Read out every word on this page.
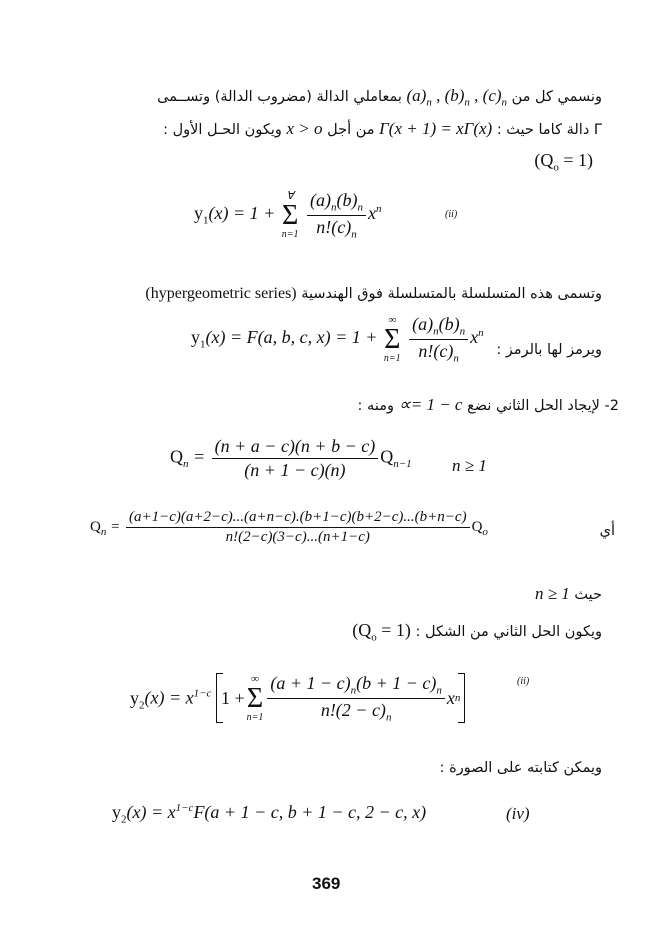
ونسمي كل من $(a)_n$ , $(b)_n$ , $(c)_n$ بمعاملي الدالة (مضروب الدالة) وتســمى
Γ دالة كاما حيث : Γ(x + 1) = xΓ(x) من أجل x > o ويكون الحـل الأول :
$(Q_o = 1)$
$y_1(x) = 1$ +
∀
Σ
n=1
$\frac{(a)_n(b)_n}{n!(c)_n} x^n$	(ii)
وتسمى هذه المتسلسلة بالمتسلسلة فوق الهندسية (hypergeometric series)
$y_1(x) = F(a$, b, c, x) = 1 +
∞
Σ
n=1
$\frac{(a)_n(b)_n}{n!(c)_n} x^n$
ويرمز لها بالرمز :
2- لإيجاد الحل الثاني نضع ∝= 1 − c ومنه :
$Q_n = \frac{(n + a - c)(n + b - c)}{(n + 1 - c)(n)} Q_{n-1}$ n ≥ 1
$Q_n = \frac{(a+1-c)(a+2-c)...(a+n-c).(b+1-c)(b+2-c)...(b+n-c)}{n!(2-c)(3-c)...(n+1-c)} Q_o$	أي
حيث n ≥ 1
ويكون الحل الثاني من الشكل : $(Q_o = 1)$
$y_2(x) = x^{1-c}$ 1 +
∞
Σ
$n=1 \frac{(a + 1 - c)_n(b + 1 - c)_n}{n!(2 - c)_n}$ x n
(ii)
ويمكن كتابته على الصورة :
$y_2(x) = x^{1-c}F(a + 1 - c$, b + 1 − c, 2 − c, x)	(iv)
369
